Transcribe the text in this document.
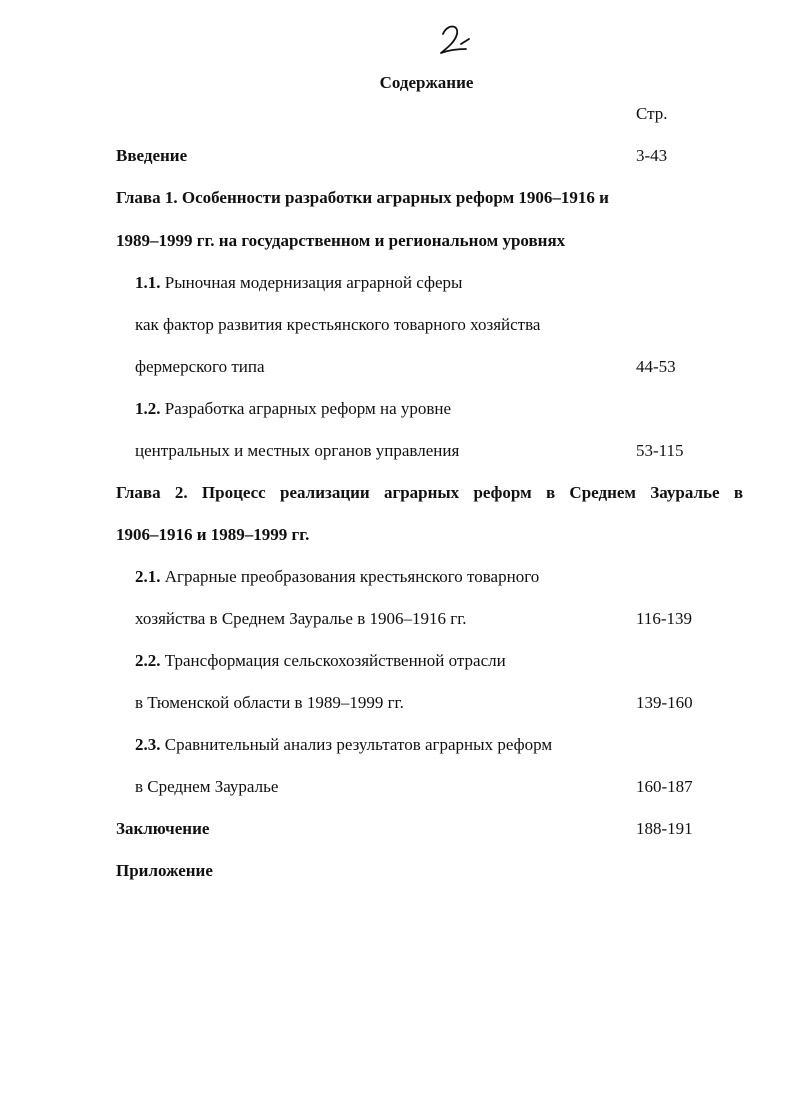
Содержание
Стр.
Введение	3-43
Глава 1. Особенности разработки аграрных реформ 1906–1916 и
1989–1999 гг. на государственном и региональном уровнях
1.1. Рыночная модернизация аграрной сферы
как фактор развития крестьянского товарного хозяйства
фермерского типа	44-53
1.2. Разработка аграрных реформ на уровне
центральных и местных органов управления	53-115
Глава 2. Процесс реализации аграрных реформ в Среднем Зауралье в
1906–1916 и 1989–1999 гг.
2.1. Аграрные преобразования крестьянского товарного
хозяйства в Среднем Зауралье в 1906–1916 гг.	116-139
2.2. Трансформация сельскохозяйственной отрасли
в Тюменской области в 1989–1999 гг.	139-160
2.3. Сравнительный анализ результатов аграрных реформ
в Среднем Зауралье	160-187
Заключение	188-191
Приложение
